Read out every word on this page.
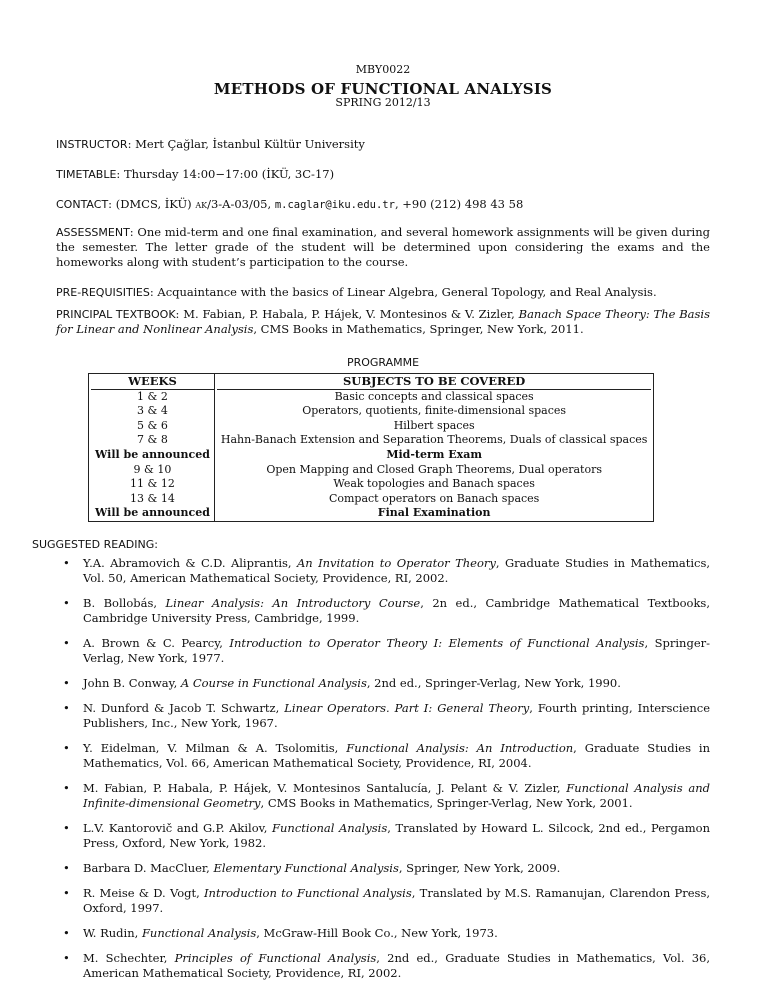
MBY0022
METHODS OF FUNCTIONAL ANALYSIS
SPRING 2012/13
INSTRUCTOR: Mert Çağlar, İstanbul Kültür University
TIMETABLE: Thursday 14:00−17:00 (İKÜ, 3C-17)
CONTACT: (DMCS, İKÜ) AK/3-A-03/05, m.caglar@iku.edu.tr, +90 (212) 498 43 58
ASSESSMENT: One mid-term and one final examination, and several homework assignments will be given during the semester. The letter grade of the student will be determined upon considering the exams and the homeworks along with student’s participation to the course.
PRE-REQUISITIES: Acquaintance with the basics of Linear Algebra, General Topology, and Real Analysis.
PRINCIPAL TEXTBOOK: M. Fabian, P. Habala, P. Hájek, V. Montesinos & V. Zizler, Banach Space Theory: The Basis for Linear and Nonlinear Analysis, CMS Books in Mathematics, Springer, New York, 2011.
PROGRAMME
WEEKS	SUBJECTS TO BE COVERED
1 & 2	Basic concepts and classical spaces
3 & 4	Operators, quotients, finite-dimensional spaces
5 & 6	Hilbert spaces
7 & 8	Hahn-Banach Extension and Separation Theorems, Duals of classical spaces
Will be announced	Mid-term Exam
9 & 10	Open Mapping and Closed Graph Theorems, Dual operators
11 & 12	Weak topologies and Banach spaces
13 & 14	Compact operators on Banach spaces
Will be announced	Final Examination
SUGGESTED READING:
• Y.A. Abramovich & C.D. Aliprantis, An Invitation to Operator Theory, Graduate Studies in Mathematics, Vol. 50, American Mathematical Society, Providence, RI, 2002.
• B. Bollobás, Linear Analysis: An Introductory Course, 2n ed., Cambridge Mathematical Textbooks, Cambridge University Press, Cambridge, 1999.
• A. Brown & C. Pearcy, Introduction to Operator Theory I: Elements of Functional Analysis, Springer-Verlag, New York, 1977.
• John B. Conway, A Course in Functional Analysis, 2nd ed., Springer-Verlag, New York, 1990.
• N. Dunford & Jacob T. Schwartz, Linear Operators. Part I: General Theory, Fourth printing, Interscience Publishers, Inc., New York, 1967.
• Y. Eidelman, V. Milman & A. Tsolomitis, Functional Analysis: An Introduction, Graduate Studies in Mathematics, Vol. 66, American Mathematical Society, Providence, RI, 2004.
• M. Fabian, P. Habala, P. Hájek, V. Montesinos Santalucía, J. Pelant & V. Zizler, Functional Analysis and Infinite-dimensional Geometry, CMS Books in Mathematics, Springer-Verlag, New York, 2001.
• L.V. Kantorovič and G.P. Akilov, Functional Analysis, Translated by Howard L. Silcock, 2nd ed., Pergamon Press, Oxford, New York, 1982.
• Barbara D. MacCluer, Elementary Functional Analysis, Springer, New York, 2009.
• R. Meise & D. Vogt, Introduction to Functional Analysis, Translated by M.S. Ramanujan, Clarendon Press, Oxford, 1997.
• W. Rudin, Functional Analysis, McGraw-Hill Book Co., New York, 1973.
• M. Schechter, Principles of Functional Analysis, 2nd ed., Graduate Studies in Mathematics, Vol. 36, American Mathematical Society, Providence, RI, 2002.
